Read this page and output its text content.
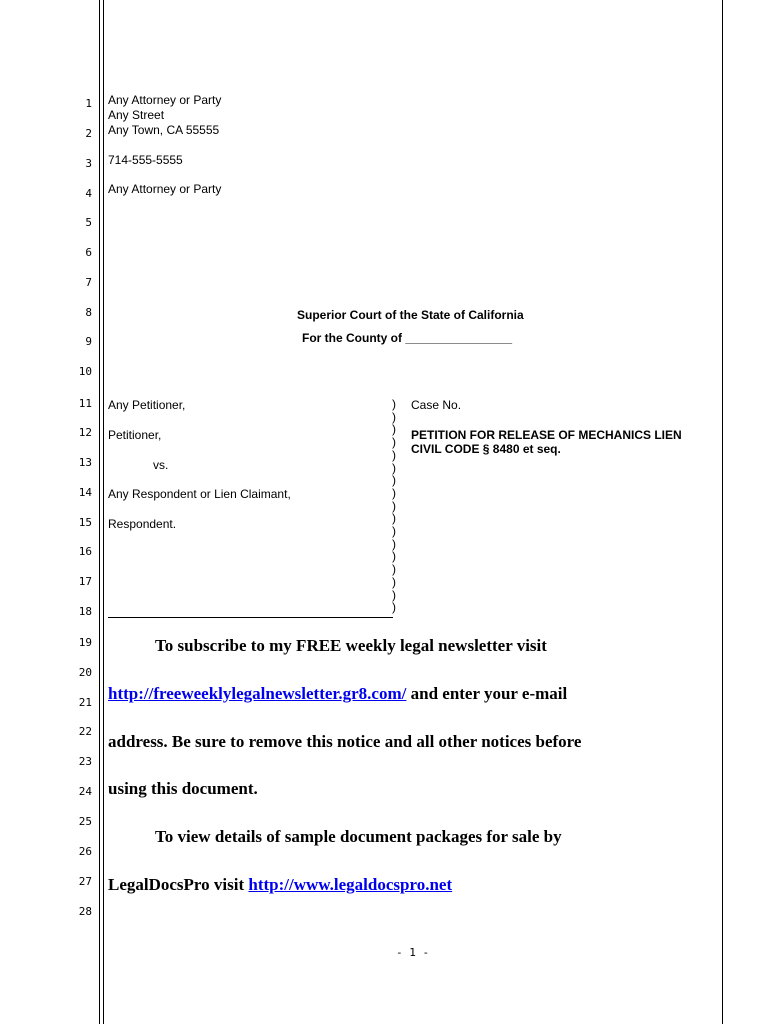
1
2
3
4
5
6
7
8
9
10
11
12
13
14
15
16
17
18
19
20
21
22
23
24
25
26
27
28
Any Attorney or Party
Any Street
Any Town, CA 55555
714-555-5555
Any Attorney or Party
Superior Court of the State of California
For the County of ________________
Any Petitioner,
Petitioner,
vs.
Any Respondent or Lien Claimant,
Respondent.
)
)
)
)
)
)
)
)
)
)
)
)
)
)
)
)
)
Case No.
PETITION FOR RELEASE OF MECHANICS LIEN
CIVIL CODE § 8480 et seq.
To subscribe to my FREE weekly legal newsletter visit
http://freeweeklylegalnewsletter.gr8.com/ and enter your e-mail
address. Be sure to remove this notice and all other notices before
using this document.
To view details of sample document packages for sale by
LegalDocsPro visit http://www.legaldocspro.net
- 1 -
